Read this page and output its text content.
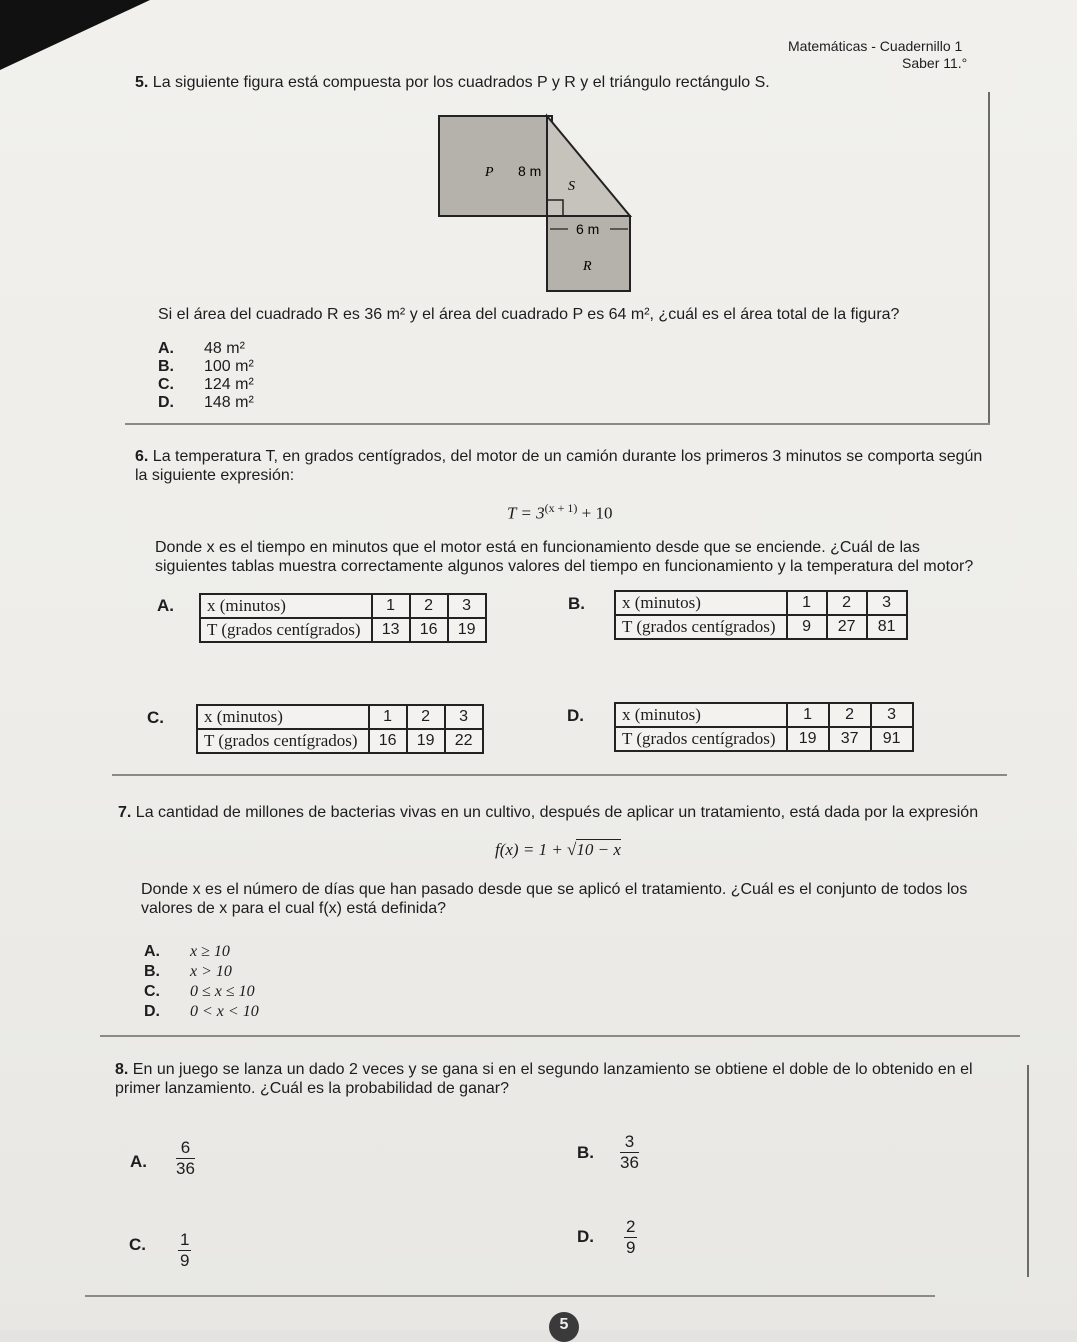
Matemáticas - Cuadernillo 1
Saber 11.°
5. La siguiente figura está compuesta por los cuadrados P y R y el triángulo rectángulo S.
P 8 m
S
6 m
R
Si el área del cuadrado R es 36 m² y el área del cuadrado P es 64 m², ¿cuál es el área total de la figura?
A. 48 m²
B. 100 m²
C. 124 m²
D. 148 m²
6. La temperatura T, en grados centígrados, del motor de un camión durante los primeros 3 minutos se comporta según la siguiente expresión:
$T = 3^{(x + 1)} + 10$
Donde x es el tiempo en minutos que el motor está en funcionamiento desde que se enciende. ¿Cuál de las siguientes tablas muestra correctamente algunos valores del tiempo en funcionamiento y la temperatura del motor?
A. x (minutos)	1	2	3
T (grados centígrados)	13	16	19
B. x (minutos)	1	2	3
T (grados centígrados)	9	27	81
C. x (minutos)	1	2	3
T (grados centígrados)	16	19	22
D. x (minutos)	1	2	3
T (grados centígrados)	19	37	91
7. La cantidad de millones de bacterias vivas en un cultivo, después de aplicar un tratamiento, está dada por la expresión
f(x) = 1 + √10 − x
Donde x es el número de días que han pasado desde que se aplicó el tratamiento. ¿Cuál es el conjunto de todos los valores de x para el cual f(x) está definida?
A. x ≥ 10
B. x > 10
C. 0 ≤ x ≤ 10
D. 0 < x < 10
8. En un juego se lanza un dado 2 veces y se gana si en el segundo lanzamiento se obtiene el doble de lo obtenido en el primer lanzamiento. ¿Cuál es la probabilidad de ganar?
A. $\frac{6}{36}$	B. $\frac{3}{36}$
C. $\frac{1}{9}$	D. $\frac{2}{9}$
5
